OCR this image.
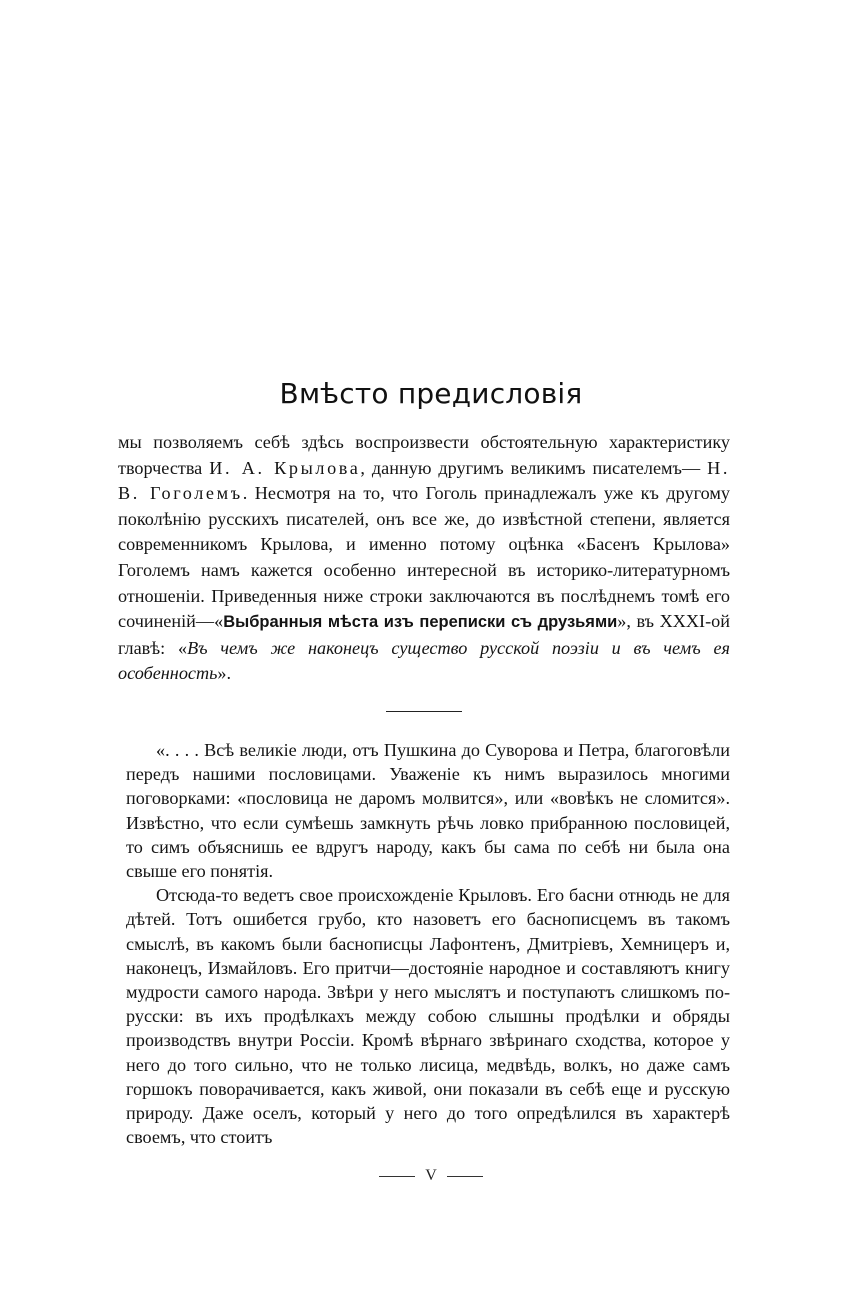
Вмѣсто предисловія

мы позволяемъ себѣ здѣсь воспроизвести обстоятельную характеристику творчества И. А. Крылова, данную другимъ великимъ писателемъ— Н. В. Гоголемъ. Несмотря на то, что Гоголь принадлежалъ уже къ другому поколѣнію русскихъ писателей, онъ все же, до извѣстной степени, является современникомъ Крылова, и именно потому оцѣнка «Басенъ Крылова» Гоголемъ намъ кажется особенно интересной въ историко-литературномъ отношеніи. Приведенныя ниже строки заключаются въ послѣднемъ томѣ его сочиненій—«Выбранныя мѣста изъ переписки съ друзьями», въ XXXI-ой главѣ: «Въ чемъ же наконецъ существо русской поэзіи и въ чемъ ея особенность».

«. . . . Всѣ великіе люди, отъ Пушкина до Суворова и Петра, благоговѣли передъ нашими пословицами. Уваженіе къ нимъ выразилось многими поговорками: «пословица не даромъ молвится», или «вовѣкъ не сломится». Извѣстно, что если сумѣешь замкнуть рѣчь ловко прибранною пословицей, то симъ объяснишь ее вдругъ народу, какъ бы сама по себѣ ни была она свыше его понятія.

Отсюда-то ведетъ свое происхожденіе Крыловъ. Его басни отнюдь не для дѣтей. Тотъ ошибется грубо, кто назоветъ его баснописцемъ въ такомъ смыслѣ, въ какомъ были баснописцы Лафонтенъ, Дмитріевъ, Хемницеръ и, наконецъ, Измайловъ. Его притчи—достояніе народное и составляютъ книгу мудрости самого народа. Звѣри у него мыслятъ и поступаютъ слишкомъ по-русски: въ ихъ продѣлкахъ между собою слышны продѣлки и обряды производствъ внутри Россіи. Кромѣ вѣрнаго звѣринаго сходства, которое у него до того сильно, что не только лисица, медвѣдь, волкъ, но даже самъ горшокъ поворачивается, какъ живой, они показали въ себѣ еще и русскую природу. Даже оселъ, который у него до того опредѣлился въ характерѣ своемъ, что стоитъ

V
